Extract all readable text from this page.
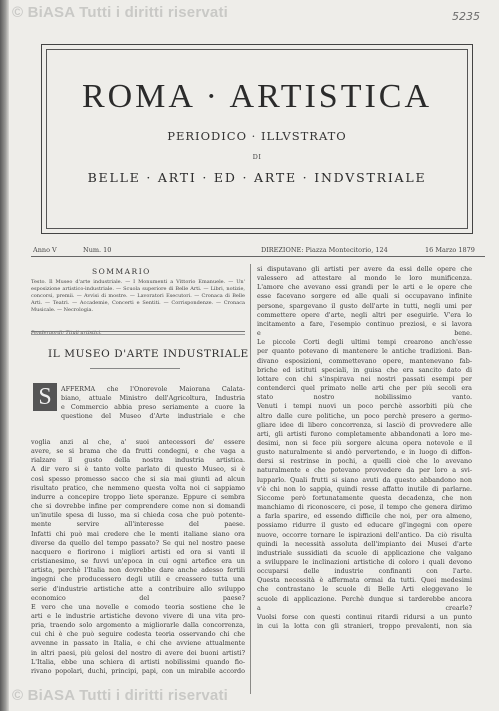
© BiASA Tutti i diritti riservati	5235
ROMA · ARTISTICA
PERIODICO · ILLVSTRATO
DI
BELLE · ARTI · ED · ARTE · INDVSTRIALE
Anno V	Num. 10	DIREZIONE: Piazza Montecitorio, 124	16 Marzo 1879
SOMMARIO
Testo. Il Museo d'arte industriale. — I Monumenti a Vittorio Emanuele. — Un' esposizione artistico-industriale. — Scuola superiore di Belle Arti. — Libri, notizie, concorsi, premii. — Avvisi di mostre. — Lavoratori Esecutori. — Cronaca di Belle Arti. — Teatri. — Accademie, Concerti e Sentiti. — Corrispondenze. — Cronaca Musicale. — Necrologia.
Pendergordi: Tituli artistici.
IL MUSEO D'ARTE INDUSTRIALE
S	AFFERMA che l'Onorevole Maiorana Calata-
biano, attuale Ministro dell'Agricoltura, Industria
e Commercio abbia preso seriamente a cuore la
questione del Museo d'Arte industriale e che
voglia anzi al che, a' suoi antecessori de' essere
avere, se si brama che da frutti condegni, e che vaga a
rialzare il gusto della nostra industria artistica.
A dir vero si è tanto volte parlato di questo Museo, si è
così spesso promesso sacco che si sia mai giunti ad alcun
risultato pratico, che nemmeno questa volta noi ci sappiamo
indurre a concepire troppo liete speranze. Eppure ci sembra
che si dovrebbe infine per comprendere come non si domandi
un'inutile spesa di lusso, ma si chieda cosa che può potente-
mente servire all'interesse del paese.
Infatti chi può mai credere che le menti italiane siano ora
diverse da quello del tempo passato? Se qui nel nostro paese
nacquero e fiorirono i migliori artisti ed ora si vanti il
cristianesimo, se fuvvi un'epoca in cui ogni artefice era un
artista, perchè l'Italia non dovrebbe dare anche adesso fertili
ingegni che producessero degli utili e creassero tutta una
serie d'industrie artistiche atte a contribuire allo sviluppo
economico del paese?
E vero che una novelle e comodo teoria sostiene che le
arti e le industrie artistiche devono vivere di una vita pro-
pria, traendo solo argomento a migliorarle dalla concorrenza,
cui chi è che può seguire codesta teoria osservando chi che
avvenne in passato in Italia, e chi che avviene attualmente
in altri paesi, più gelosi del nostro di avere dei buoni artisti?
L'Italia, ebbe una schiera di artisti nobilissimi quando fio-
rivano popolari, duchi, principi, papi, con un mirabile accordo
si disputavano gli artisti per avere da essi delle opere che
valessero ad attestare al mondo le loro munificenza.
L'amore che avevano essi grandi per le arti e le opere che
esse facevano sorgere ed alle quali si occupavano infinite
persone, spargevano il gusto dell'arte in tutti, negli umi per
commettere opere d'arte, negli altri per eseguirle. V'era lo
incitamento a fare, l'esempio continuo preziosi, e si lavora
e bene.
Le piccole Corti degli ultimi tempi crearono anch'esse
per quanto potevano di mantenere le antiche tradizioni. Ban-
divano esposizioni, commettevano opere, mantenevano fab-
briche ed istituti speciali, in guisa che era sancito dato di
lottare con chi s'inspirava nei nostri passati esempi per
contenderci quel primato nelle arti che per più secoli era
stato nostro nobilissimo vanto.
Venuti i tempi nuovi un poco perchè assorbiti più che
altro dalle cure politiche, un poco perchè presero a germo-
gliare idee di libero concorrenza, si lasciò di provvedere alle
arti, gli artisti furono completamente abbandonati a loro me-
desimi, non si fece più sorgere alcuna opera notevole e il
gusto naturalmente si andò pervertendo, e in luogo di diffon-
dersi si restrinse in pochi, a quelli cioè che lo avevano
naturalmente e che potevano provvedere da per loro a svi-
lupparlo. Quali frutti si siano avuti da questo abbandono non
v'è chi non lo sappia, quindi resse affatto inutile di parlarne.
Siccome però fortunatamente questa decadenza, che non
manchiamo di riconoscere, ci pose, il tempo che genera dirimo
a farla sparire, ed essendo difficile che noi, per ora almeno,
possiamo ridurre il gusto ed educare gl'ingegni con opere
nuove, occorre tornare le ispirazioni dell'antico. Da ciò risulta
quindi la necessità assoluta dell'impianto dei Musei d'arte
industriale sussidiati da scuole di applicazione che valgano
a sviluppare le inclinazioni artistiche di coloro i quali devono
occuparsi delle industrie confinanti con l'arte.
Questa necessità è affermata ormai da tutti. Quei medesimi
che contrastano le scuole di Belle Arti eleggevano le
scuole di applicazione. Perchè dunque si tarderebbe ancora
a crearle?
Vuolsi forse con questi continui ritardi ridursi a un punto
in cui la lotta con gli stranieri, troppo prevalenti, non sia
© BiASA Tutti i diritti riservati
